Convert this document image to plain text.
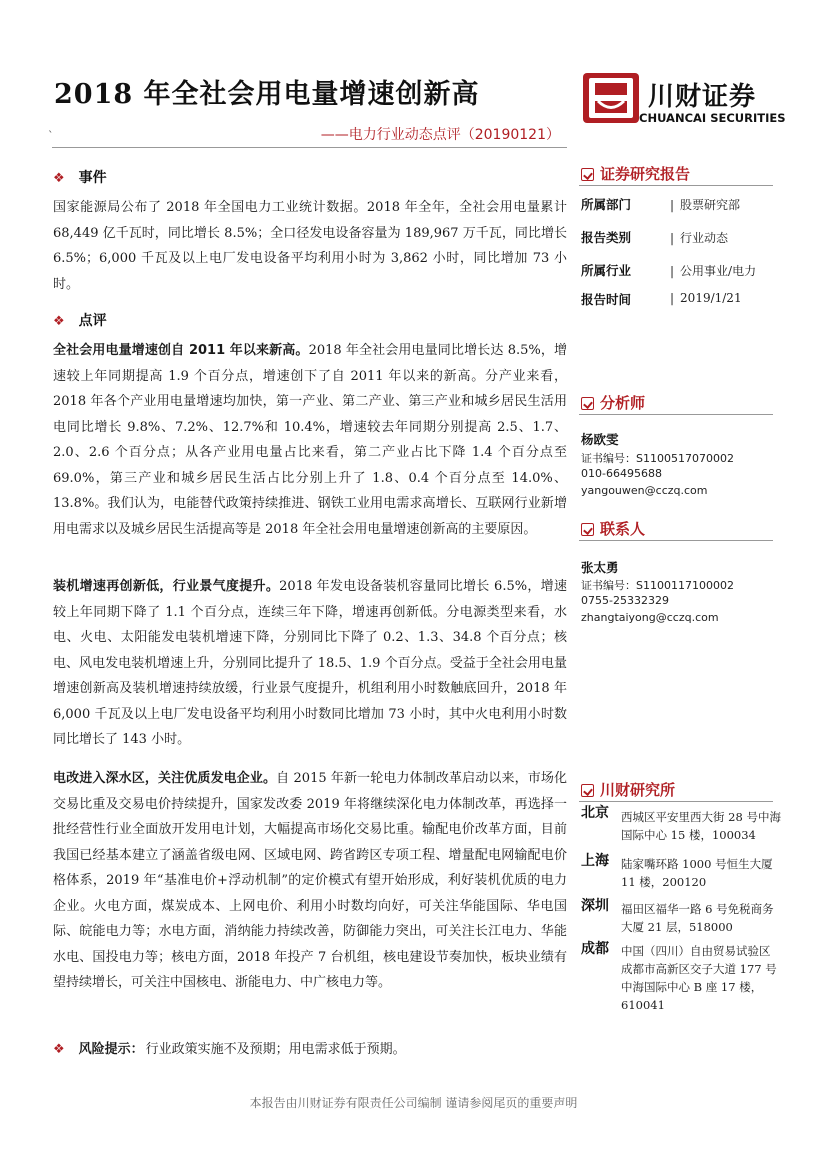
2018 年全社会用电量增速创新高
——电力行业动态点评（20190121）
`
川财证券
CHUANCAI SECURITIES
❖ 事件
国家能源局公布了 2018 年全国电力工业统计数据。2018 年全年，全社会用电量累计 68,449 亿千瓦时，同比增长 8.5%；全口径发电设备容量为 189,967 万千瓦，同比增长 6.5%；6,000 千瓦及以上电厂发电设备平均利用小时为 3,862 小时，同比增加 73 小时。
❖ 点评
全社会用电量增速创自 2011 年以来新高。2018 年全社会用电量同比增长达 8.5%，增速较上年同期提高 1.9 个百分点，增速创下了自 2011 年以来的新高。分产业来看，2018 年各个产业用电量增速均加快，第一产业、第二产业、第三产业和城乡居民生活用电同比增长 9.8%、7.2%、12.7%和 10.4%，增速较去年同期分别提高 2.5、1.7、2.0、2.6 个百分点；从各产业用电量占比来看，第二产业占比下降 1.4 个百分点至 69.0%，第三产业和城乡居民生活占比分别上升了 1.8、0.4 个百分点至 14.0%、13.8%。我们认为，电能替代政策持续推进、钢铁工业用电需求高增长、互联网行业新增用电需求以及城乡居民生活提高等是 2018 年全社会用电量增速创新高的主要原因。
装机增速再创新低，行业景气度提升。2018 年发电设备装机容量同比增长 6.5%，增速较上年同期下降了 1.1 个百分点，连续三年下降，增速再创新低。分电源类型来看，水电、火电、太阳能发电装机增速下降，分别同比下降了 0.2、1.3、34.8 个百分点；核电、风电发电装机增速上升，分别同比提升了 18.5、1.9 个百分点。受益于全社会用电量增速创新高及装机增速持续放缓，行业景气度提升，机组利用小时数触底回升，2018 年 6,000 千瓦及以上电厂发电设备平均利用小时数同比增加 73 小时，其中火电利用小时数同比增长了 143 小时。
电改进入深水区，关注优质发电企业。自 2015 年新一轮电力体制改革启动以来，市场化交易比重及交易电价持续提升，国家发改委 2019 年将继续深化电力体制改革，再选择一批经营性行业全面放开发用电计划，大幅提高市场化交易比重。输配电价改革方面，目前我国已经基本建立了涵盖省级电网、区域电网、跨省跨区专项工程、增量配电网输配电价格体系，2019 年“基准电价+浮动机制”的定价模式有望开始形成，利好装机优质的电力企业。火电方面，煤炭成本、上网电价、利用小时数均向好，可关注华能国际、华电国际、皖能电力等；水电方面，消纳能力持续改善，防御能力突出，可关注长江电力、华能水电、国投电力等；核电方面，2018 年投产 7 台机组，核电建设节奏加快，板块业绩有望持续增长，可关注中国核电、浙能电力、中广核电力等。
❖ 风险提示： 行业政策实施不及预期；用电需求低于预期。
证券研究报告
所属部门	| 股票研究部
报告类别	| 行业动态
所属行业	| 公用事业/电力
报告时间	| 2019/1/21
分析师
杨欧雯
证书编号：S1100517070002
010-66495688
yangouwen@cczq.com
联系人
张太勇
证书编号：S1100117100002
0755-25332329
zhangtaiyong@cczq.com
川财研究所
北京 西城区平安里西大街 28 号中海国际中心 15 楼，100034
上海 陆家嘴环路 1000 号恒生大厦 11 楼，200120
深圳 福田区福华一路 6 号免税商务大厦 21 层，518000
成都 中国（四川）自由贸易试验区成都市高新区交子大道 177 号中海国际中心 B 座 17 楼，610041
本报告由川财证券有限责任公司编制 谨请参阅尾页的重要声明
